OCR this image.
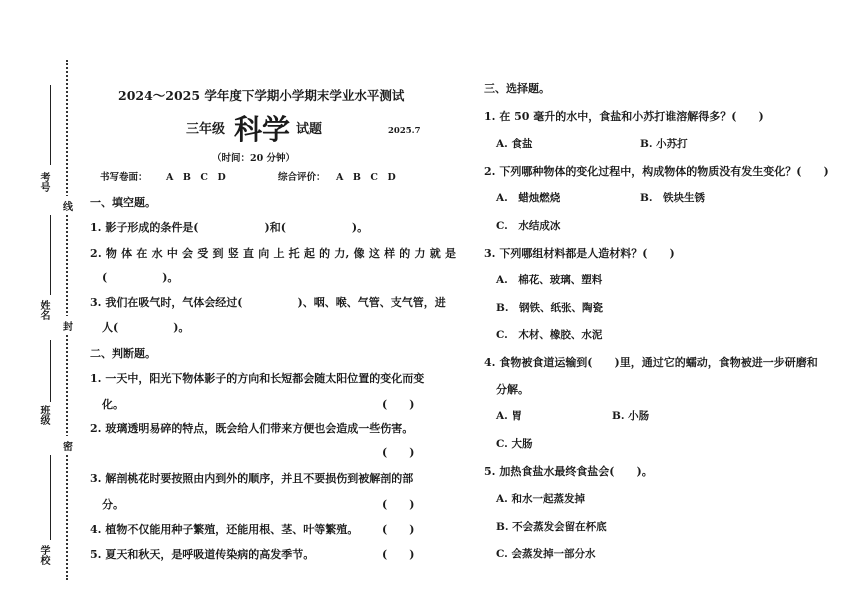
线
封
密
考号
姓名
班级
学校
2024～2025 学年度下学期小学期末学业水平测试
三年级 科学 试题	2025.7
（时间：20 分钟）
书写卷面： A　B　C　D	综合评价： A　B　C　D
一、填空题。
1. 影子形成的条件是(　　　　　　)和(　　　　　　)。
2. 物 体 在 水 中 会 受 到 竖 直 向 上 托 起 的 力, 像 这 样 的 力 就 是
(　　　　　)。
3. 我们在吸气时，气体会经过(　　　　　)、咽、喉、气管、支气管，进
人(　　　　　)。
二、判断题。
1. 一天中，阳光下物体影子的方向和长短都会随太阳位置的变化而变
化。	(　　)
2. 玻璃透明易碎的特点，既会给人们带来方便也会造成一些伤害。
(　　)
3. 解剖桃花时要按照由内到外的顺序，并且不要损伤到被解剖的部
分。	(　　)
4. 植物不仅能用种子繁殖，还能用根、茎、叶等繁殖。 (　　)
5. 夏天和秋天，是呼吸道传染病的高发季节。	(　　)
三、选择题。
1. 在 50 毫升的水中，食盐和小苏打谁溶解得多？(　　)
A. 食盐	B. 小苏打
2. 下列哪种物体的变化过程中，构成物体的物质没有发生变化？(　　)
A.　蜡烛燃烧	B.　铁块生锈
C.　水结成冰
3. 下列哪组材料都是人造材料？(　　)
A.　棉花、玻璃、塑料
B.　钢铁、纸张、陶瓷
C.　木材、橡胶、水泥
4. 食物被食道运输到(　　)里，通过它的蠕动，食物被进一步研磨和
分解。
A. 胃	B. 小肠
C. 大肠
5. 加热食盐水最终食盐会(　　)。
A. 和水一起蒸发掉
B. 不会蒸发会留在杯底
C. 会蒸发掉一部分水
